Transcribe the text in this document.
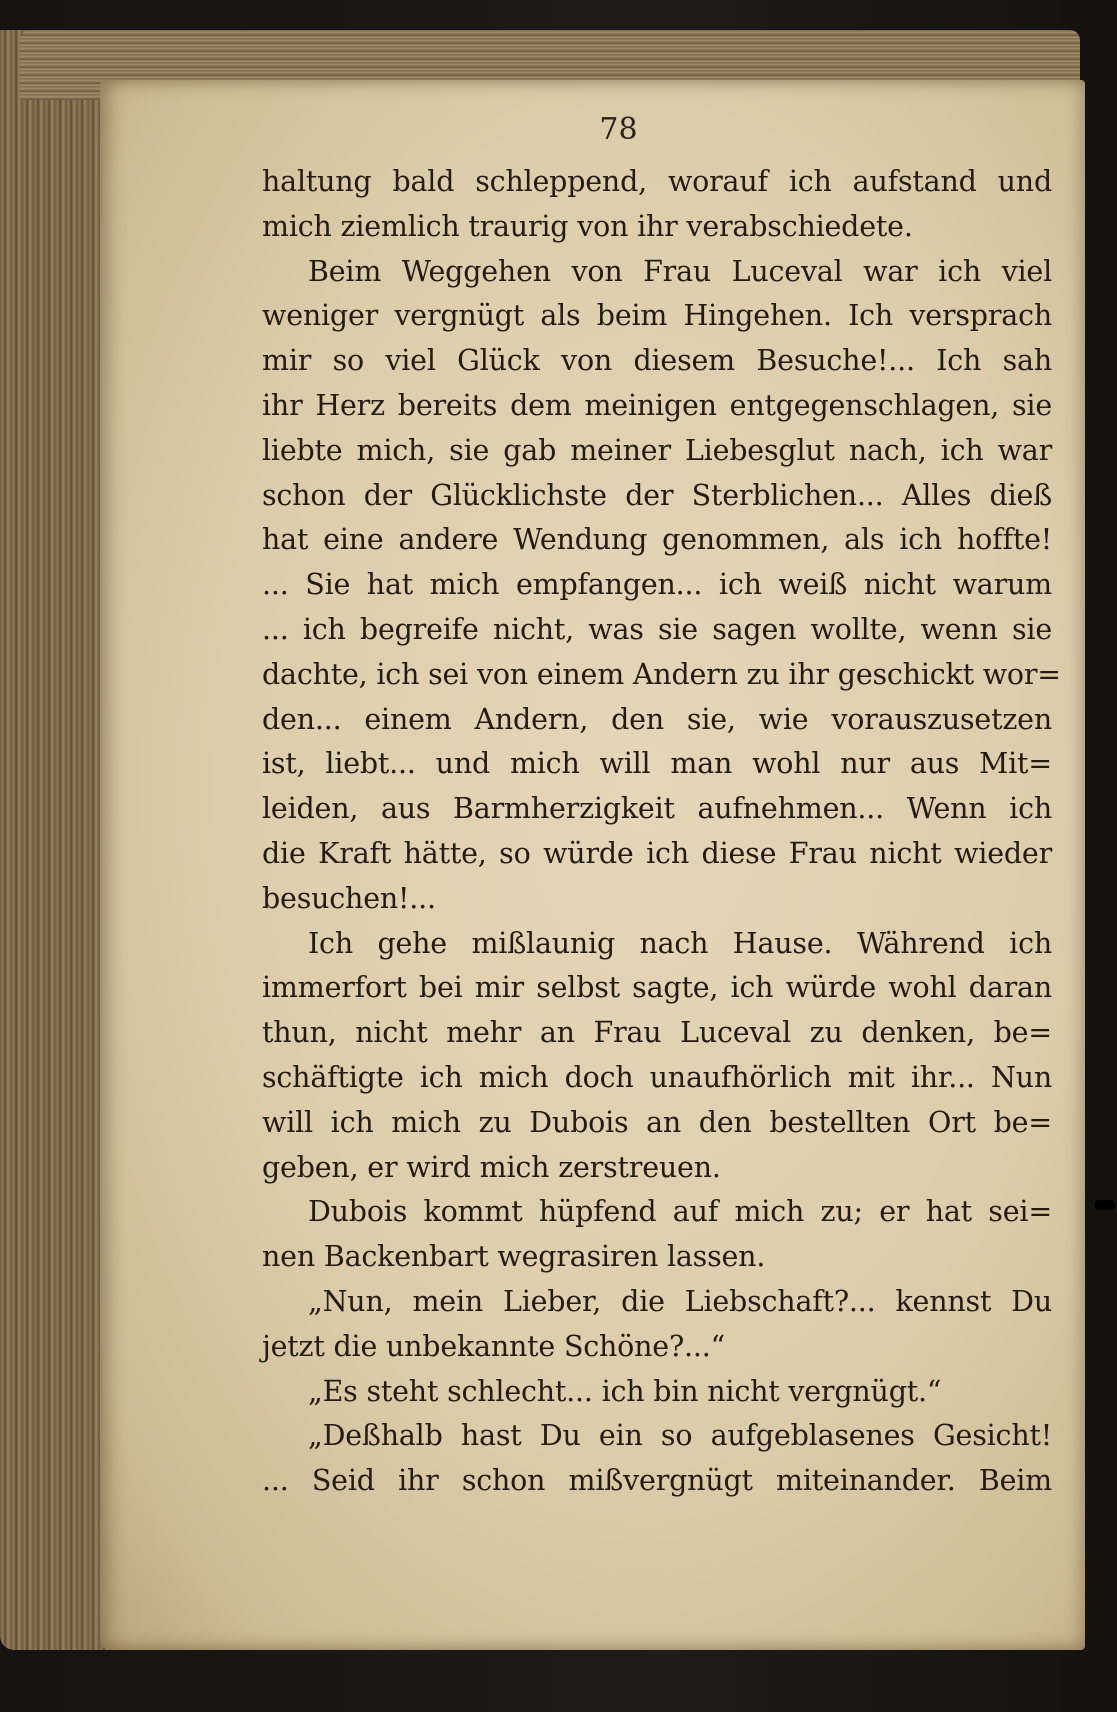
78
haltung bald schleppend, worauf ich aufstand und
mich ziemlich traurig von ihr verabschiedete.
Beim Weggehen von Frau Luceval war ich viel
weniger vergnügt als beim Hingehen. Ich versprach
mir so viel Glück von diesem Besuche!... Ich sah
ihr Herz bereits dem meinigen entgegenschlagen, sie
liebte mich, sie gab meiner Liebesglut nach, ich war
schon der Glücklichste der Sterblichen... Alles dieß
hat eine andere Wendung genommen, als ich hoffte!
... Sie hat mich empfangen... ich weiß nicht warum
... ich begreife nicht, was sie sagen wollte, wenn sie
dachte, ich sei von einem Andern zu ihr geschickt wor=
den... einem Andern, den sie, wie vorauszusetzen
ist, liebt... und mich will man wohl nur aus Mit=
leiden, aus Barmherzigkeit aufnehmen... Wenn ich
die Kraft hätte, so würde ich diese Frau nicht wieder
besuchen!...
Ich gehe mißlaunig nach Hause. Während ich
immerfort bei mir selbst sagte, ich würde wohl daran
thun, nicht mehr an Frau Luceval zu denken, be=
schäftigte ich mich doch unaufhörlich mit ihr... Nun
will ich mich zu Dubois an den bestellten Ort be=
geben, er wird mich zerstreuen.
Dubois kommt hüpfend auf mich zu; er hat sei=
nen Backenbart wegrasiren lassen.
„Nun, mein Lieber, die Liebschaft?... kennst Du
jetzt die unbekannte Schöne?...“
„Es steht schlecht... ich bin nicht vergnügt.“
„Deßhalb hast Du ein so aufgeblasenes Gesicht!
... Seid ihr schon mißvergnügt miteinander. Beim
